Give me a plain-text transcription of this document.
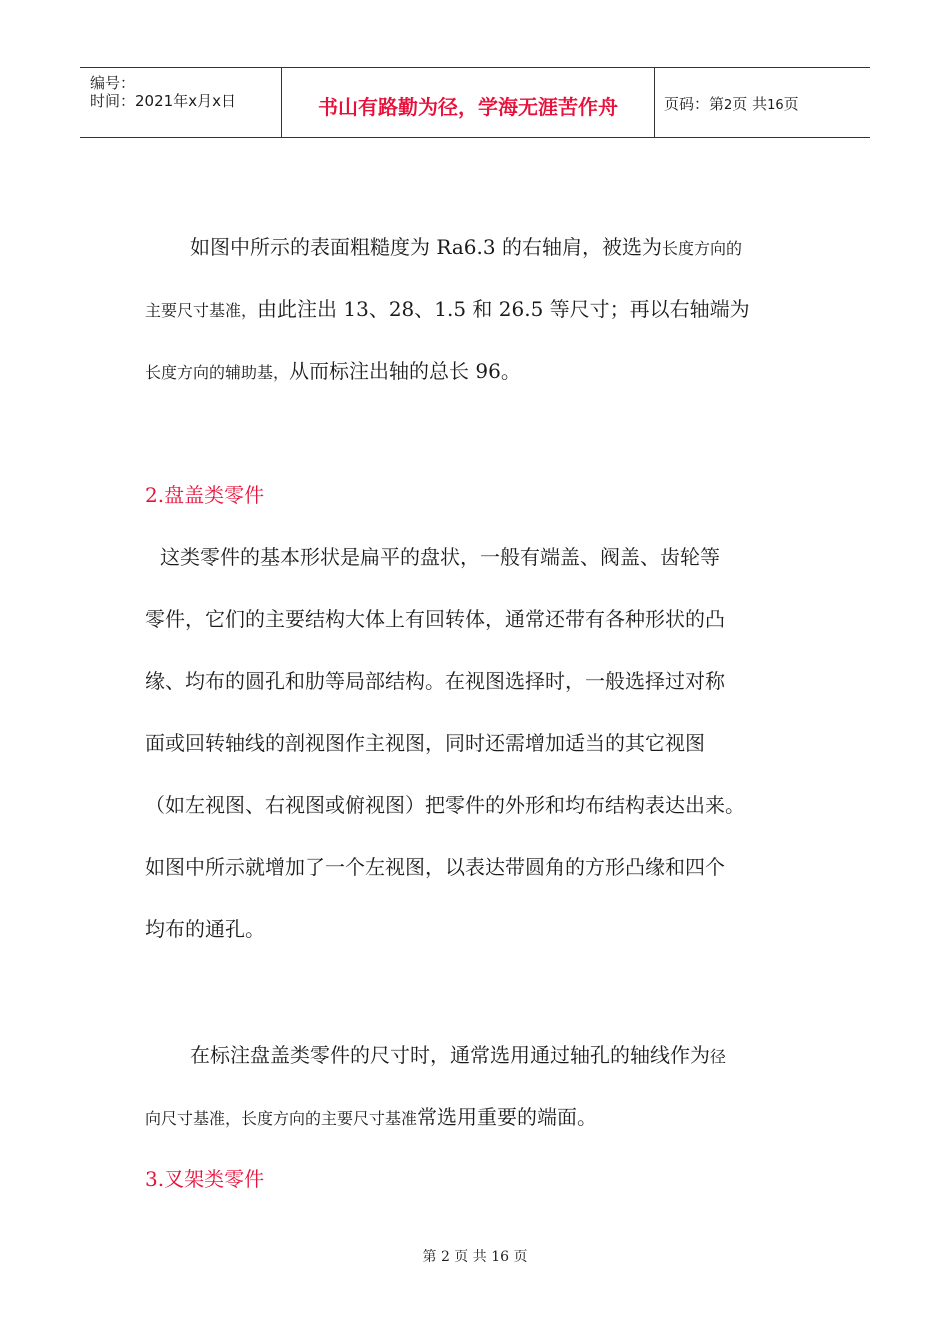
编号：
时间：2021年x月x日	书山有路勤为径，学海无涯苦作舟	页码：第2页 共16页
如图中所示的表面粗糙度为 Ra6.3 的右轴肩，被选为长度方向的
主要尺寸基准，由此注出 13、28、1.5 和 26.5 等尺寸；再以右轴端为
长度方向的辅助基，从而标注出轴的总长 96。
2.盘盖类零件
这类零件的基本形状是扁平的盘状，一般有端盖、阀盖、齿轮等
零件，它们的主要结构大体上有回转体，通常还带有各种形状的凸
缘、均布的圆孔和肋等局部结构。在视图选择时，一般选择过对称
面或回转轴线的剖视图作主视图，同时还需增加适当的其它视图
（如左视图、右视图或俯视图）把零件的外形和均布结构表达出来。
如图中所示就增加了一个左视图，以表达带圆角的方形凸缘和四个
均布的通孔。
在标注盘盖类零件的尺寸时，通常选用通过轴孔的轴线作为径
向尺寸基准，长度方向的主要尺寸基准常选用重要的端面。
3.叉架类零件
第 2 页 共 16 页
